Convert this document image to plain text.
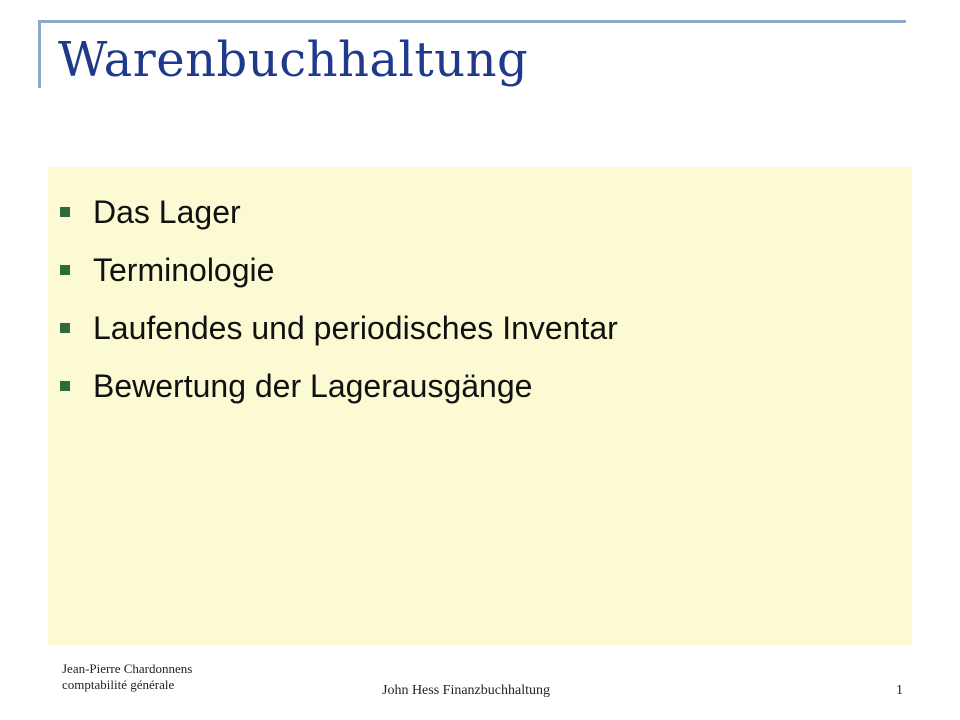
Warenbuchhaltung
Das Lager
Terminologie
Laufendes und periodisches Inventar
Bewertung der Lagerausgänge
Jean-Pierre Chardonnens
comptabilité générale	John Hess Finanzbuchhaltung	1
